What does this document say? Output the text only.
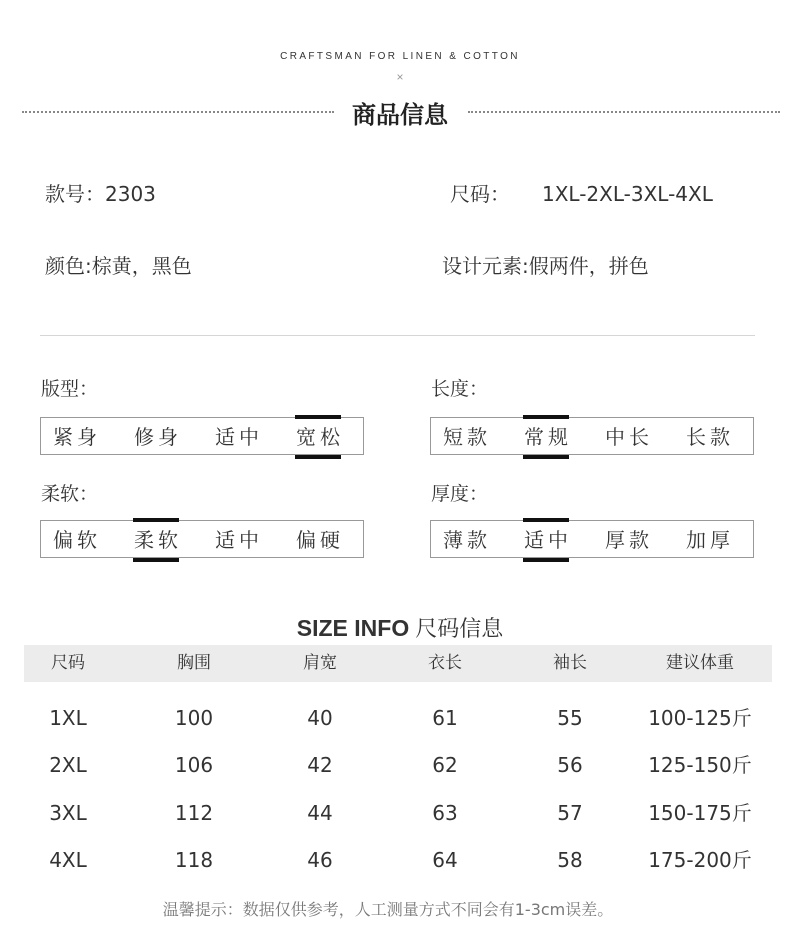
CRAFTSMAN FOR LINEN & COTTON
×
商品信息
款号：2303	尺码： 1XL-2XL-3XL-4XL
颜色:棕黄，黑色	设计元素:假两件，拼色
版型：
紧身 修身 适中 宽松
长度：
短款 常规 中长 长款
柔软：
偏软 柔软 适中 偏硬
厚度：
薄款 适中 厚款 加厚
SIZE INFO 尺码信息
尺码	胸围	肩宽	衣长	袖长	建议体重
1XL	100	40	61	55	100-125斤
2XL	106	42	62	56	125-150斤
3XL	112	44	63	57	150-175斤
4XL	118	46	64	58	175-200斤
温馨提示：数据仅供参考，人工测量方式不同会有1-3cm误差。
